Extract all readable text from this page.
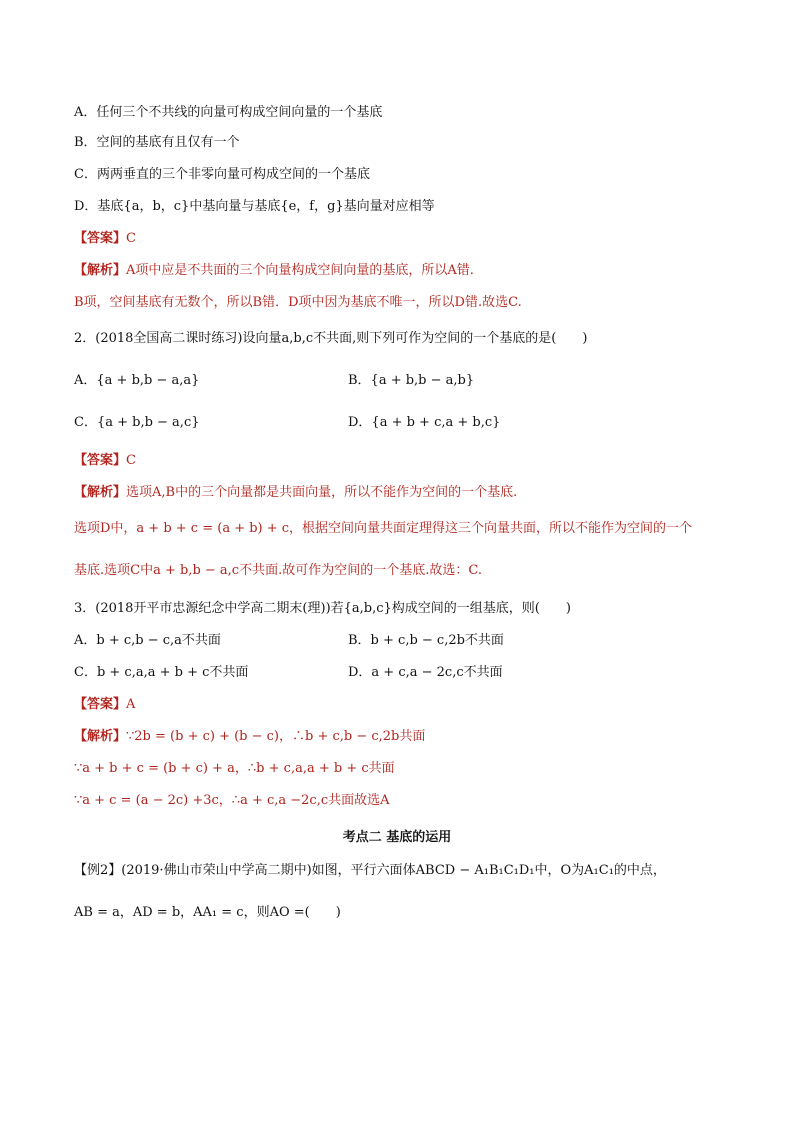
A．任何三个不共线的向量可构成空间向量的一个基底
B．空间的基底有且仅有一个
C．两两垂直的三个非零向量可构成空间的一个基底
D．基底{a，b，c}中基向量与基底{e，f，g}基向量对应相等
【答案】C
【解析】A项中应是不共面的三个向量构成空间向量的基底，所以A错.
B项，空间基底有无数个，所以B错．D项中因为基底不唯一，所以D错.故选C.
2．(2018全国高二课时练习)设向量a,b,c不共面,则下列可作为空间的一个基底的是(　　)
A．{a + b,b − a,a}	B．{a + b,b − a,b}
C．{a + b,b − a,c}	D．{a + b + c,a + b,c}
【答案】C
【解析】选项A,B中的三个向量都是共面向量，所以不能作为空间的一个基底.
选项D中，a + b + c = (a + b) + c，根据空间向量共面定理得这三个向量共面，所以不能作为空间的一个
基底.选项C中a + b,b − a,c不共面.故可作为空间的一个基底.故选：C.
3．(2018开平市忠源纪念中学高二期末(理))若{a,b,c}构成空间的一组基底，则(　　)
A．b + c,b − c,a不共面	B．b + c,b − c,2b不共面
C．b + c,a,a + b + c不共面	D．a + c,a − 2c,c不共面
【答案】A
【解析】∵2b = (b + c) + (b − c)，∴b + c,b − c,2b共面
∵a + b + c = (b + c) + a，∴b + c,a,a + b + c共面
∵a + c = (a − 2c) +3c，∴a + c,a −2c,c共面故选A
考点二 基底的运用
【例2】(2019·佛山市荣山中学高二期中)如图，平行六面体ABCD − A₁B₁C₁D₁中，O为A₁C₁的中点，
AB = a，AD = b，AA₁ = c，则AO =(　　)
